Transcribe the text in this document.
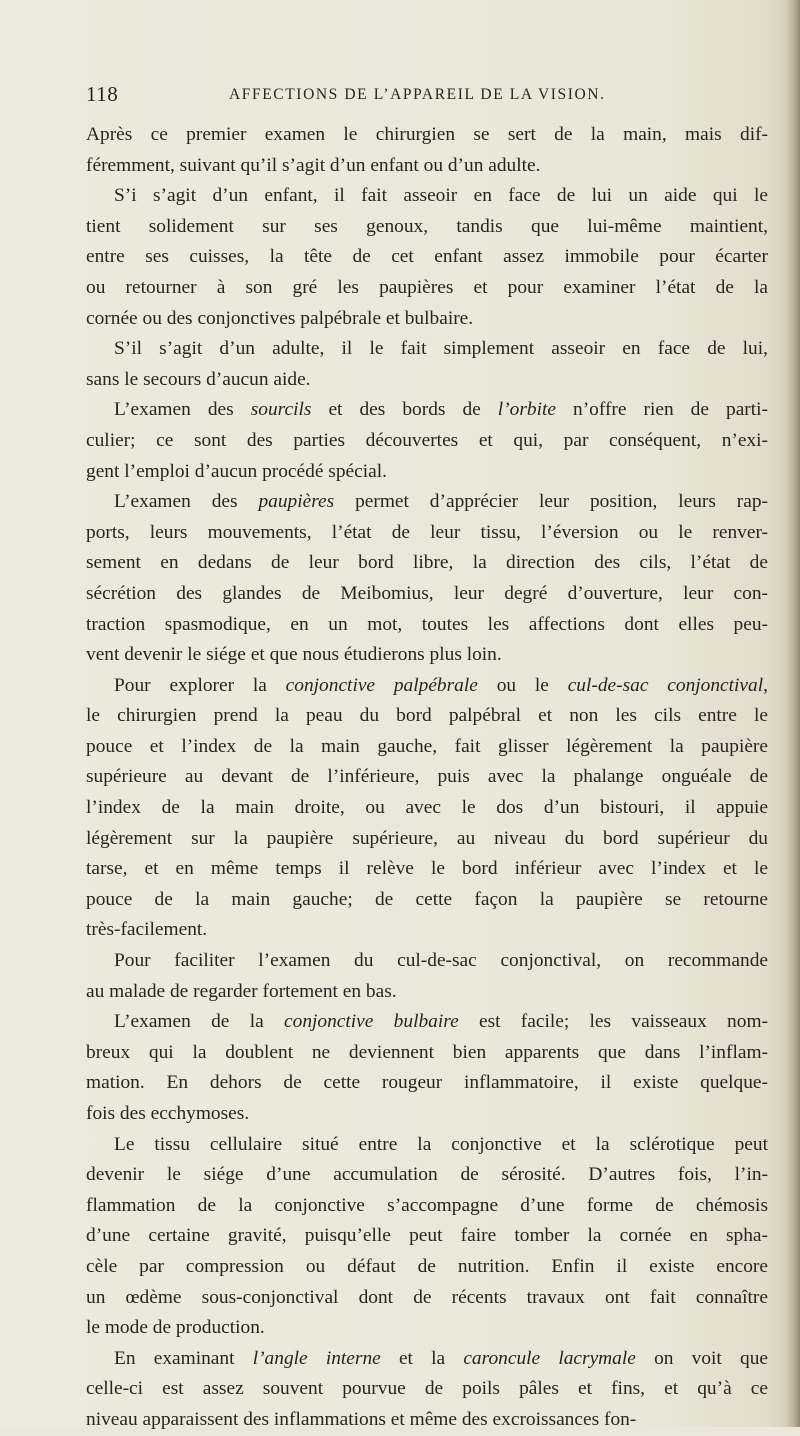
118	AFFECTIONS DE L’APPAREIL DE LA VISION.
Après ce premier examen le chirurgien se sert de la main, mais dif-
féremment, suivant qu’il s’agit d’un enfant ou d’un adulte.
S’i s’agit d’un enfant, il fait asseoir en face de lui un aide qui le
tient solidement sur ses genoux, tandis que lui-même maintient,
entre ses cuisses, la tête de cet enfant assez immobile pour écarter
ou retourner à son gré les paupières et pour examiner l’état de la
cornée ou des conjonctives palpébrale et bulbaire.
S’il s’agit d’un adulte, il le fait simplement asseoir en face de lui,
sans le secours d’aucun aide.
L’examen des sourcils et des bords de l’orbite n’offre rien de parti-
culier; ce sont des parties découvertes et qui, par conséquent, n’exi-
gent l’emploi d’aucun procédé spécial.
L’examen des paupières permet d’apprécier leur position, leurs rap-
ports, leurs mouvements, l’état de leur tissu, l’éversion ou le renver-
sement en dedans de leur bord libre, la direction des cils, l’état de
sécrétion des glandes de Meibomius, leur degré d’ouverture, leur con-
traction spasmodique, en un mot, toutes les affections dont elles peu-
vent devenir le siége et que nous étudierons plus loin.
Pour explorer la conjonctive palpébrale ou le cul-de-sac conjonctival,
le chirurgien prend la peau du bord palpébral et non les cils entre le
pouce et l’index de la main gauche, fait glisser légèrement la paupière
supérieure au devant de l’inférieure, puis avec la phalange onguéale de
l’index de la main droite, ou avec le dos d’un bistouri, il appuie
légèrement sur la paupière supérieure, au niveau du bord supérieur du
tarse, et en même temps il relève le bord inférieur avec l’index et le
pouce de la main gauche; de cette façon la paupière se retourne
très-facilement.
Pour faciliter l’examen du cul-de-sac conjonctival, on recommande
au malade de regarder fortement en bas.
L’examen de la conjonctive bulbaire est facile; les vaisseaux nom-
breux qui la doublent ne deviennent bien apparents que dans l’inflam-
mation. En dehors de cette rougeur inflammatoire, il existe quelque-
fois des ecchymoses.
Le tissu cellulaire situé entre la conjonctive et la sclérotique peut
devenir le siége d’une accumulation de sérosité. D’autres fois, l’in-
flammation de la conjonctive s’accompagne d’une forme de chémosis
d’une certaine gravité, puisqu’elle peut faire tomber la cornée en spha-
cèle par compression ou défaut de nutrition. Enfin il existe encore
un œdème sous-conjonctival dont de récents travaux ont fait connaître
le mode de production.
En examinant l’angle interne et la caroncule lacrymale on voit que
celle-ci est assez souvent pourvue de poils pâles et fins, et qu’à ce
niveau apparaissent des inflammations et même des excroissances fon-
